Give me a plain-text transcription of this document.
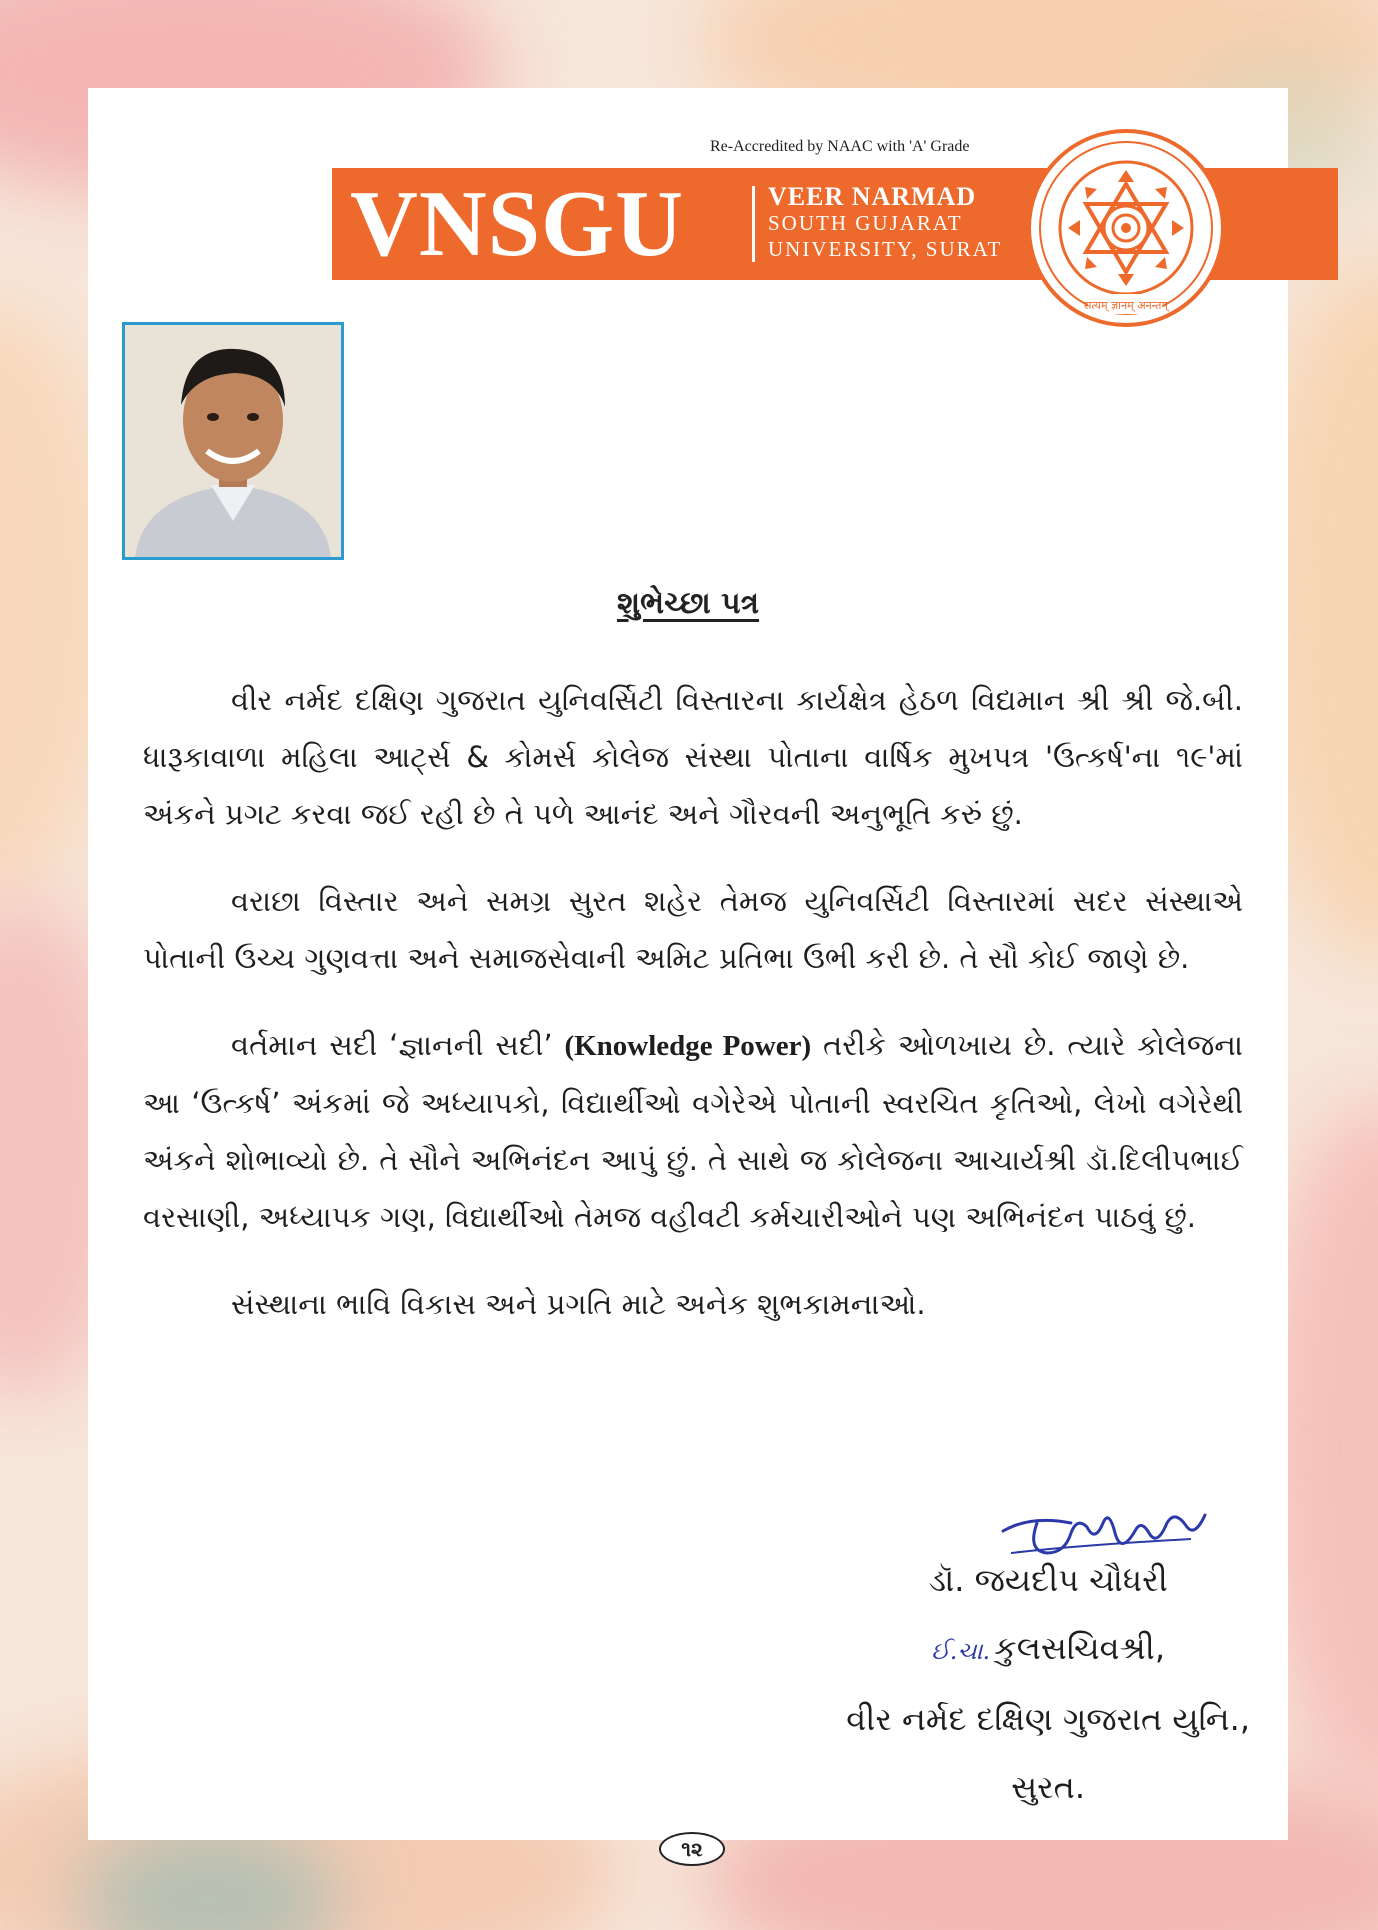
Re-Accredited by NAAC with 'A' Grade
VNSGU	VEER NARMAD
SOUTH GUJARAT
UNIVERSITY, SURAT
सत्यम् ज्ञानम् अनन्तम्
શુભેચ્છા પત્ર

વીર નર્મદ દક્ષિણ ગુજરાત યુનિવર્સિટી વિસ્તારના કાર્યક્ષેત્ર હેઠળ વિદ્યમાન શ્રી શ્રી જે.બી. ધારૂકાવાળા મહિલા આર્ટ્સ & કોમર્સ કોલેજ સંસ્થા પોતાના વાર્ષિક મુખપત્ર 'ઉત્કર્ષ'ના ૧૯'માં અંકને પ્રગટ કરવા જઈ રહી છે તે પળે આનંદ અને ગૌરવની અનુભૂતિ કરું છું.

વરાછા વિસ્તાર અને સમગ્ર સુરત શહેર તેમજ યુનિવર્સિટી વિસ્તારમાં સદર સંસ્થાએ પોતાની ઉચ્ચ ગુણવત્તા અને સમાજસેવાની અમિટ પ્રતિભા ઉભી કરી છે. તે સૌ કોઈ જાણે છે.

વર્તમાન સદી ‘જ્ઞાનની સદી’ (Knowledge Power) તરીકે ઓળખાય છે. ત્યારે કોલેજના આ ‘ઉત્કર્ષ’ અંકમાં જે અધ્યાપકો, વિદ્યાર્થીઓ વગેરેએ પોતાની સ્વરચિત કૃતિઓ, લેખો વગેરેથી અંકને શોભાવ્યો છે. તે સૌને અભિનંદન આપું છું. તે સાથે જ કોલેજના આચાર્યશ્રી ડૉ.દિલીપભાઈ વરસાણી, અધ્યાપક ગણ, વિદ્યાર્થીઓ તેમજ વહીવટી કર્મચારીઓને પણ અભિનંદન પાઠવું છું.

સંસ્થાના ભાવિ વિકાસ અને પ્રગતિ માટે અનેક શુભકામનાઓ.

ડૉ. જયદીપ ચૌધરી
ઈ.ચા. કુલસચિવશ્રી,
વીર નર્મદ દક્ષિણ ગુજરાત યુનિ.,
સુરત.
૧૨
